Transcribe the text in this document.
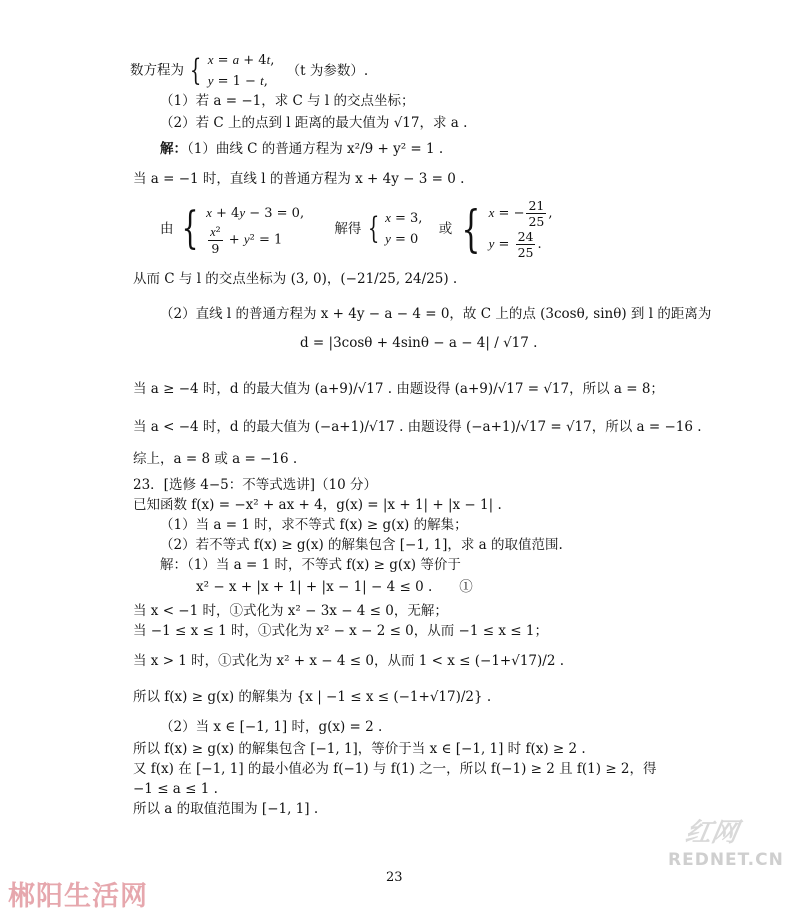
数方程为 { x = a + 4t,
y = 1 − t,
（t 为参数）.
（1）若 a = −1，求 C 与 l 的交点坐标；
（2）若 C 上的点到 l 距离的最大值为 √17，求 a .
解：（1）曲线 C 的普通方程为 x²/9 + y² = 1 .
当 a = −1 时，直线 l 的普通方程为 x + 4y − 3 = 0 .
由 { x + 4y − 3 = 0,
$\frac{\text{x²}}{9} + y^2 = 1$
解得 { x = 3,
y = 0
或 { x = − $\frac{21}{25}$ ,
$y = \frac{24}{25}$ .
从而 C 与 l 的交点坐标为 (3, 0)，(−21/25, 24/25) .
（2）直线 l 的普通方程为 x + 4y − a − 4 = 0，故 C 上的点 (3cosθ, sinθ) 到 l 的距离为
d = |3cosθ + 4sinθ − a − 4| / √17 .
当 a ≥ −4 时，d 的最大值为 (a+9)/√17 . 由题设得 (a+9)/√17 = √17，所以 a = 8；
当 a < −4 时，d 的最大值为 (−a+1)/√17 . 由题设得 (−a+1)/√17 = √17，所以 a = −16 .
综上，a = 8 或 a = −16 .
23．[选修 4−5：不等式选讲]（10 分）
已知函数 f(x) = −x² + ax + 4，g(x) = |x + 1| + |x − 1| .
（1）当 a = 1 时，求不等式 f(x) ≥ g(x) 的解集；
（2）若不等式 f(x) ≥ g(x) 的解集包含 [−1, 1]，求 a 的取值范围.
解：（1）当 a = 1 时，不等式 f(x) ≥ g(x) 等价于
x² − x + |x + 1| + |x − 1| − 4 ≤ 0 .　　①
当 x < −1 时，①式化为 x² − 3x − 4 ≤ 0，无解；
当 −1 ≤ x ≤ 1 时，①式化为 x² − x − 2 ≤ 0，从而 −1 ≤ x ≤ 1；
当 x > 1 时，①式化为 x² + x − 4 ≤ 0，从而 1 < x ≤ (−1+√17)/2 .
所以 f(x) ≥ g(x) 的解集为 {x | −1 ≤ x ≤ (−1+√17)/2} .
（2）当 x ∈ [−1, 1] 时，g(x) = 2 .
所以 f(x) ≥ g(x) 的解集包含 [−1, 1]，等价于当 x ∈ [−1, 1] 时 f(x) ≥ 2 .
又 f(x) 在 [−1, 1] 的最小值必为 f(−1) 与 f(1) 之一，所以 f(−1) ≥ 2 且 f(1) ≥ 2，得
−1 ≤ a ≤ 1 .
所以 a 的取值范围为 [−1, 1] .
23
郴阳生活网
红网
REDNET.CN
